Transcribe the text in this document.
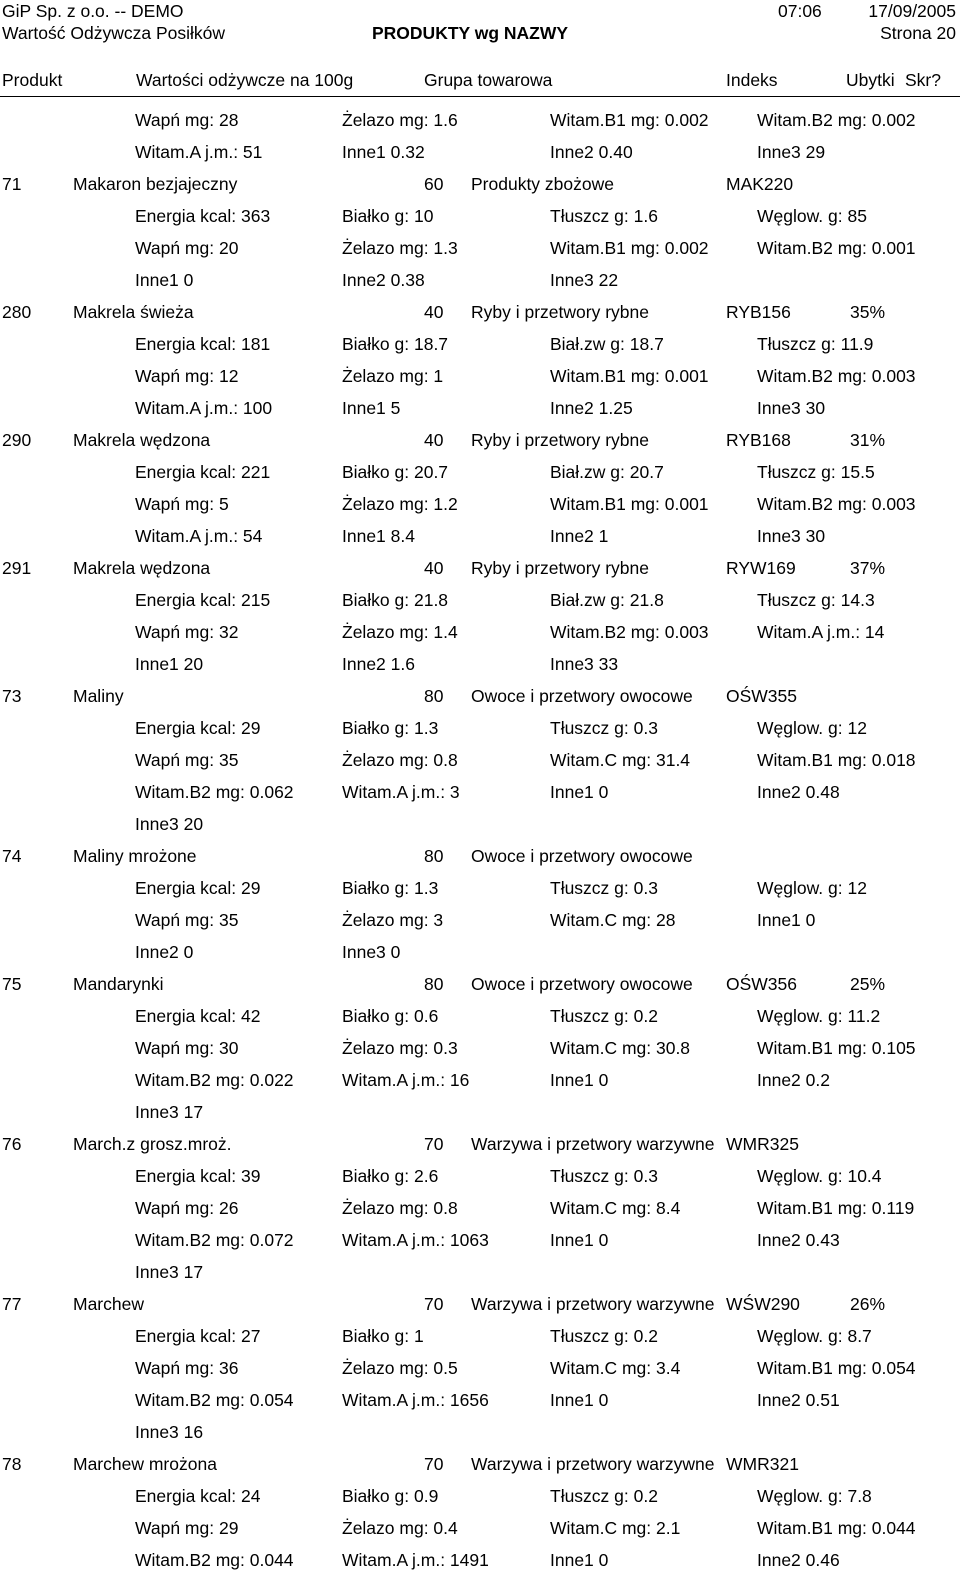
GiP Sp. z o.o. -- DEMO	07:06	17/09/2005
Wartość Odżywcza Posiłków	PRODUKTY wg NAZWY	Strona 20
Produkt	Wartości odżywcze na 100g	Grupa towarowa	Indeks	Ubytki Skr?
Wapń mg: 28	Żelazo mg: 1.6	Witam.B1 mg: 0.002	Witam.B2 mg: 0.002
Witam.A j.m.: 51	Inne1 0.32	Inne2 0.40	Inne3 29
71	Makaron bezjajeczny	60 Produkty zbożowe	MAK220
Energia kcal: 363	Białko g: 10	Tłuszcz g: 1.6	Węglow. g: 85
Wapń mg: 20	Żelazo mg: 1.3	Witam.B1 mg: 0.002	Witam.B2 mg: 0.001
Inne1 0	Inne2 0.38	Inne3 22
280 Makrela świeża	40 Ryby i przetwory rybne	RYB156	35%
Energia kcal: 181	Białko g: 18.7	Biał.zw g: 18.7	Tłuszcz g: 11.9
Wapń mg: 12	Żelazo mg: 1	Witam.B1 mg: 0.001	Witam.B2 mg: 0.003
Witam.A j.m.: 100	Inne1 5	Inne2 1.25	Inne3 30
290 Makrela wędzona	40 Ryby i przetwory rybne	RYB168	31%
Energia kcal: 221	Białko g: 20.7	Biał.zw g: 20.7	Tłuszcz g: 15.5
Wapń mg: 5	Żelazo mg: 1.2	Witam.B1 mg: 0.001	Witam.B2 mg: 0.003
Witam.A j.m.: 54	Inne1 8.4	Inne2 1	Inne3 30
291 Makrela wędzona	40 Ryby i przetwory rybne	RYW169	37%
Energia kcal: 215	Białko g: 21.8	Biał.zw g: 21.8	Tłuszcz g: 14.3
Wapń mg: 32	Żelazo mg: 1.4	Witam.B2 mg: 0.003	Witam.A j.m.: 14
Inne1 20	Inne2 1.6	Inne3 33
73	Maliny	80 Owoce i przetwory owocowe	OŚW355
Energia kcal: 29	Białko g: 1.3	Tłuszcz g: 0.3	Węglow. g: 12
Wapń mg: 35	Żelazo mg: 0.8	Witam.C mg: 31.4	Witam.B1 mg: 0.018
Witam.B2 mg: 0.062	Witam.A j.m.: 3	Inne1 0	Inne2 0.48
Inne3 20
74	Maliny mrożone	80 Owoce i przetwory owocowe
Energia kcal: 29	Białko g: 1.3	Tłuszcz g: 0.3	Węglow. g: 12
Wapń mg: 35	Żelazo mg: 3	Witam.C mg: 28	Inne1 0
Inne2 0	Inne3 0
75	Mandarynki	80 Owoce i przetwory owocowe	OŚW356	25%
Energia kcal: 42	Białko g: 0.6	Tłuszcz g: 0.2	Węglow. g: 11.2
Wapń mg: 30	Żelazo mg: 0.3	Witam.C mg: 30.8	Witam.B1 mg: 0.105
Witam.B2 mg: 0.022	Witam.A j.m.: 16	Inne1 0	Inne2 0.2
Inne3 17
76	March.z grosz.mroż.	70 Warzywa i przetwory warzywne WMR325
Energia kcal: 39	Białko g: 2.6	Tłuszcz g: 0.3	Węglow. g: 10.4
Wapń mg: 26	Żelazo mg: 0.8	Witam.C mg: 8.4	Witam.B1 mg: 0.119
Witam.B2 mg: 0.072	Witam.A j.m.: 1063	Inne1 0	Inne2 0.43
Inne3 17
77	Marchew	70 Warzywa i przetwory warzywne WŚW290	26%
Energia kcal: 27	Białko g: 1	Tłuszcz g: 0.2	Węglow. g: 8.7
Wapń mg: 36	Żelazo mg: 0.5	Witam.C mg: 3.4	Witam.B1 mg: 0.054
Witam.B2 mg: 0.054	Witam.A j.m.: 1656	Inne1 0	Inne2 0.51
Inne3 16
78	Marchew mrożona	70 Warzywa i przetwory warzywne WMR321
Energia kcal: 24	Białko g: 0.9	Tłuszcz g: 0.2	Węglow. g: 7.8
Wapń mg: 29	Żelazo mg: 0.4	Witam.C mg: 2.1	Witam.B1 mg: 0.044
Witam.B2 mg: 0.044	Witam.A j.m.: 1491	Inne1 0	Inne2 0.46
